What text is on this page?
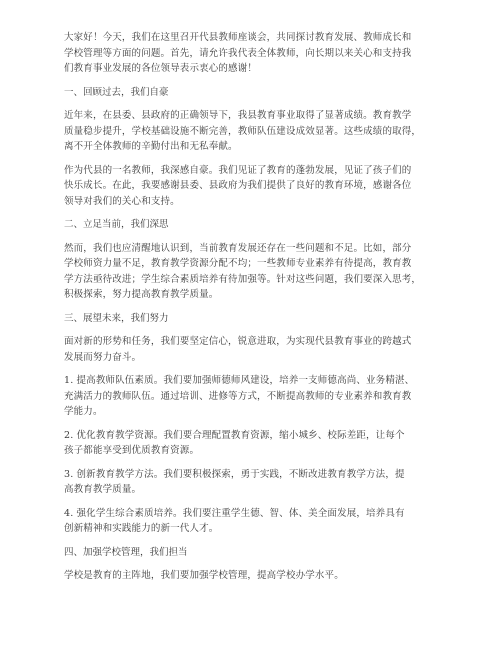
大家好！今天，我们在这里召开代县教师座谈会，共同探讨教育发展、教师成长和
学校管理等方面的问题。首先，请允许我代表全体教师，向长期以来关心和支持我
们教育事业发展的各位领导表示衷心的感谢！
一、回顾过去，我们自豪
近年来，在县委、县政府的正确领导下，我县教育事业取得了显著成绩。教育教学
质量稳步提升，学校基础设施不断完善，教师队伍建设成效显著。这些成绩的取得，
离不开全体教师的辛勤付出和无私奉献。
作为代县的一名教师，我深感自豪。我们见证了教育的蓬勃发展，见证了孩子们的
快乐成长。在此，我要感谢县委、县政府为我们提供了良好的教育环境，感谢各位
领导对我们的关心和支持。
二、立足当前，我们深思
然而，我们也应清醒地认识到，当前教育发展还存在一些问题和不足。比如，部分
学校师资力量不足，教育教学资源分配不均；一些教师专业素养有待提高，教育教
学方法亟待改进；学生综合素质培养有待加强等。针对这些问题，我们要深入思考，
积极探索，努力提高教育教学质量。
三、展望未来，我们努力
面对新的形势和任务，我们要坚定信心，锐意进取，为实现代县教育事业的跨越式
发展而努力奋斗。
1. 提高教师队伍素质。我们要加强师德师风建设，培养一支师德高尚、业务精湛、
充满活力的教师队伍。通过培训、进修等方式，不断提高教师的专业素养和教育教
学能力。
2. 优化教育教学资源。我们要合理配置教育资源，缩小城乡、校际差距，让每个
孩子都能享受到优质教育资源。
3. 创新教育教学方法。我们要积极探索，勇于实践，不断改进教育教学方法，提
高教育教学质量。
4. 强化学生综合素质培养。我们要注重学生德、智、体、美全面发展，培养具有
创新精神和实践能力的新一代人才。
四、加强学校管理，我们担当
学校是教育的主阵地，我们要加强学校管理，提高学校办学水平。
